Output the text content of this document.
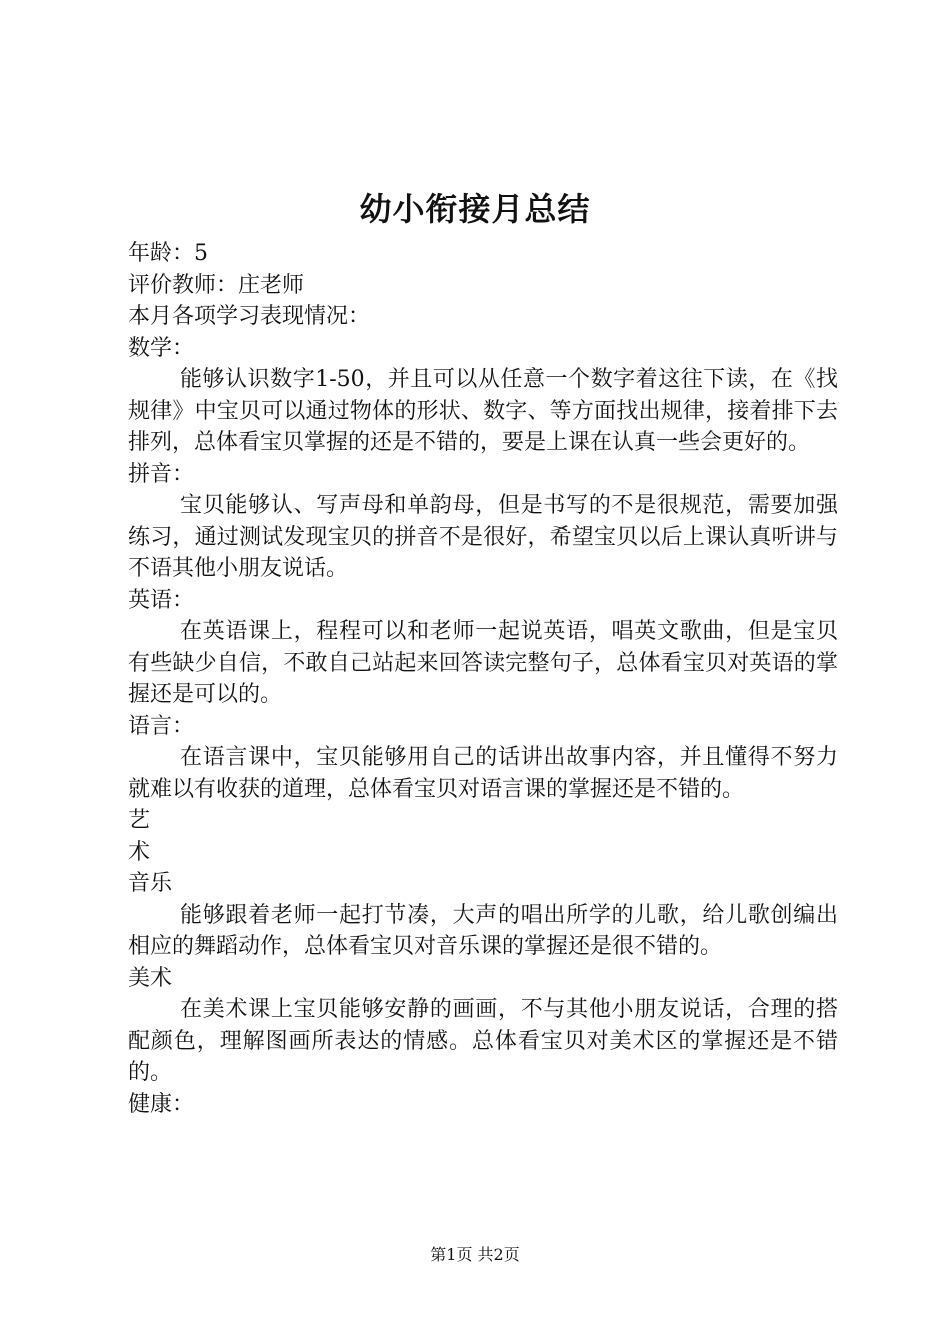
幼小衔接月总结

年龄：5

评价教师：庄老师

本月各项学习表现情况：

数学：

能够认识数字1-50，并且可以从任意一个数字着这往下读，在《找规律》中宝贝可以通过物体的形状、数字、等方面找出规律，接着排下去排列，总体看宝贝掌握的还是不错的，要是上课在认真一些会更好的。

拼音：

宝贝能够认、写声母和单韵母，但是书写的不是很规范，需要加强练习，通过测试发现宝贝的拼音不是很好，希望宝贝以后上课认真听讲与不语其他小朋友说话。

英语：

在英语课上，程程可以和老师一起说英语，唱英文歌曲，但是宝贝有些缺少自信，不敢自己站起来回答读完整句子，总体看宝贝对英语的掌握还是可以的。

语言：

在语言课中，宝贝能够用自己的话讲出故事内容，并且懂得不努力就难以有收获的道理，总体看宝贝对语言课的掌握还是不错的。

艺

术

音乐

能够跟着老师一起打节凑，大声的唱出所学的儿歌，给儿歌创编出相应的舞蹈动作，总体看宝贝对音乐课的掌握还是很不错的。

美术

在美术课上宝贝能够安静的画画，不与其他小朋友说话，合理的搭配颜色，理解图画所表达的情感。总体看宝贝对美术区的掌握还是不错的。

健康：

第1页 共2页
